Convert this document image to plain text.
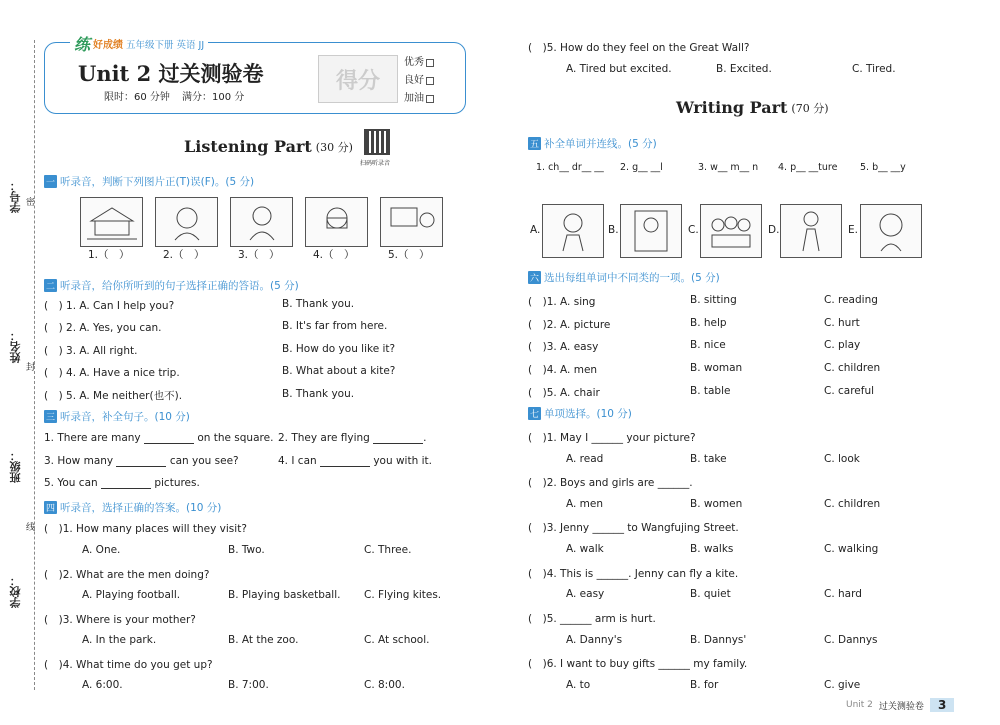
学号： 密
姓名：
封
班级：
线
学校：
练 好成绩 五年级下册 英语 JJ
Unit 2 过关测验卷
限时：60 分钟 满分：100 分
得分
优秀
良好
加油
Listening Part (30 分)
扫码听录音
一 听录音，判断下列图片正(T)误(F)。(5 分)
1.（　）	2.（　）	3.（　）	4.（　）	5.（　）
二 听录音，给你所听到的句子选择正确的答语。(5 分)
(　) 1. A. Can I help you?	B. Thank you.
(　) 2. A. Yes, you can.	B. It's far from here.
(　) 3. A. All right.	B. How do you like it?
(　) 4. A. Have a nice trip.	B. What about a kite?
(　) 5. A. Me neither(也不).	B. Thank you.
三 听录音，补全句子。(10 分)
1. There are many	on the square. 2. They are flying	.
3. How many	can you see?	4. I can	you with it.
5. You can	pictures.
四 听录音，选择正确的答案。(10 分)
(　)1. How many places will they visit?
A. One.	B. Two.	C. Three.
(　)2. What are the men doing?
A. Playing football.	B. Playing basketball. C. Flying kites.
(　)3. Where is your mother?
A. In the park.	B. At the zoo.	C. At school.
(　)4. What time do you get up?
A. 6:00.	B. 7:00.	C. 8:00.
(　)5. How do they feel on the Great Wall?
A. Tired but excited.	B. Excited.	C. Tired.
Writing Part (70 分)
五 补全单词并连线。(5 分)
1. ch__ dr__ __ 2. g__ __l	3. w__ m__ n 4. p__ __ture 5. b__ __y
A.	B.	C.	D.	E.
六 选出每组单词中不同类的一项。(5 分)
(　)1. A. sing	B. sitting	C. reading
(　)2. A. picture	B. help	C. hurt
(　)3. A. easy	B. nice	C. play
(　)4. A. men	B. woman	C. children
(　)5. A. chair	B. table	C. careful
七 单项选择。(10 分)
(　)1. May I ______ your picture?
A. read	B. take	C. look
(　)2. Boys and girls are ______.
A. men	B. women	C. children
(　)3. Jenny ______ to Wangfujing Street.
A. walk	B. walks	C. walking
(　)4. This is ______. Jenny can fly a kite.
A. easy	B. quiet	C. hard
(　)5. ______ arm is hurt.
A. Danny's	B. Dannys'	C. Dannys
(　)6. I want to buy gifts ______ my family.
A. to	B. for	C. give
Unit 2 过关测验卷	3
